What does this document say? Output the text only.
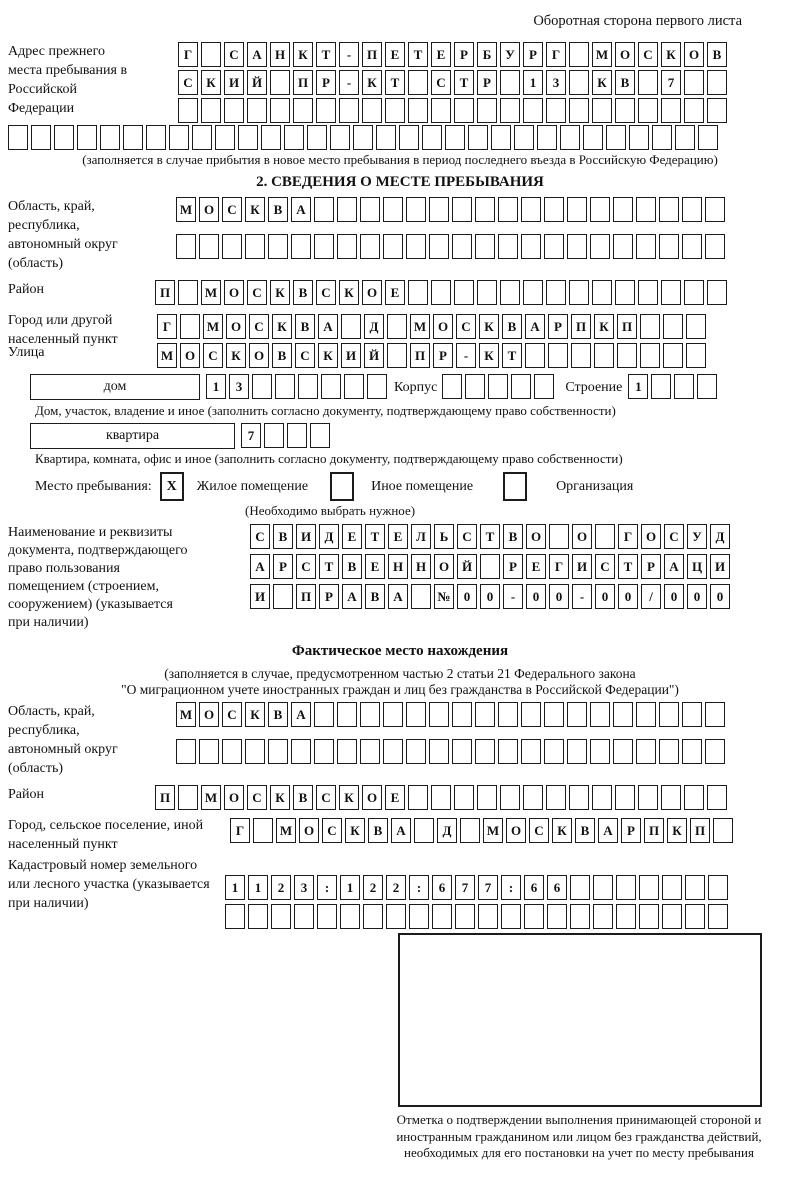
Оборотная сторона первого листа
Адрес прежнего места пребывания в Российской Федерации
Г	С	А	Н	К	Т	-	П	Е	Т	Е	Р	Б	У	Р	Г	М О	С	К	О	В
С	К	И Й	П	Р	-	К	Т	С	Т	Р	1	3	К	В	7
(заполняется в случае прибытия в новое место пребывания в период последнего въезда в Российскую Федерацию)
2. СВЕДЕНИЯ О МЕСТЕ ПРЕБЫВАНИЯ
Область, край, республика, автономный округ (область)
М О	С	К	В	А
Район	П	М О	С	К	В	С	К	О	Е
Город или другой населенный пункт
Г	М О	С	К	В	А	Д	М О	С	К	В	А	Р	П	К	П
Улица	М О	С	К	О	В	С	К	И Й	П	Р	-	К	Т
дом	1	3	Корпус	Строение 1
Дом, участок, владение и иное (заполнить согласно документу, подтверждающему право собственности)
квартира	7
Квартира, комната, офис и иное (заполнить согласно документу, подтверждающему право собственности)
Место пребывания:	X	Жилое помещение	Иное помещение	Организация
(Необходимо выбрать нужное)
Наименование и реквизиты документа, подтверждающего право пользования помещением (строением, сооружением) (указывается при наличии)
С	В	И	Д	Е	Т	Е	Л	Ь	С	Т	В	О	О	Г	О	С	У	Д
А	Р	С	Т	В	Е	Н Н О Й	Р	Е	Г	И	С	Т	Р	А	Ц И
И	П	Р	А	В	А	№	0	0	-	0	0	-	0	0	/	0	0	0
Фактическое место нахождения
(заполняется в случае, предусмотренном частью 2 статьи 21 Федерального закона
"О миграционном учете иностранных граждан и лиц без гражданства в Российской Федерации")
Область, край, республика, автономный округ (область)
М О	С	К	В	А
Район	П	М О	С	К	В	С	К	О	Е
Город, сельское поселение, иной населенный пункт
Г	М О	С	К	В	А	Д	М О	С	К	В	А	Р	П	К	П
Кадастровый номер земельного или лесного участка (указывается при наличии)
1	1	2	3	:	1	2	2	:	6	7	7	:	6	6
Отметка о подтверждении выполнения принимающей стороной и иностранным гражданином или лицом без гражданства действий, необходимых для его постановки на учет по месту пребывания
